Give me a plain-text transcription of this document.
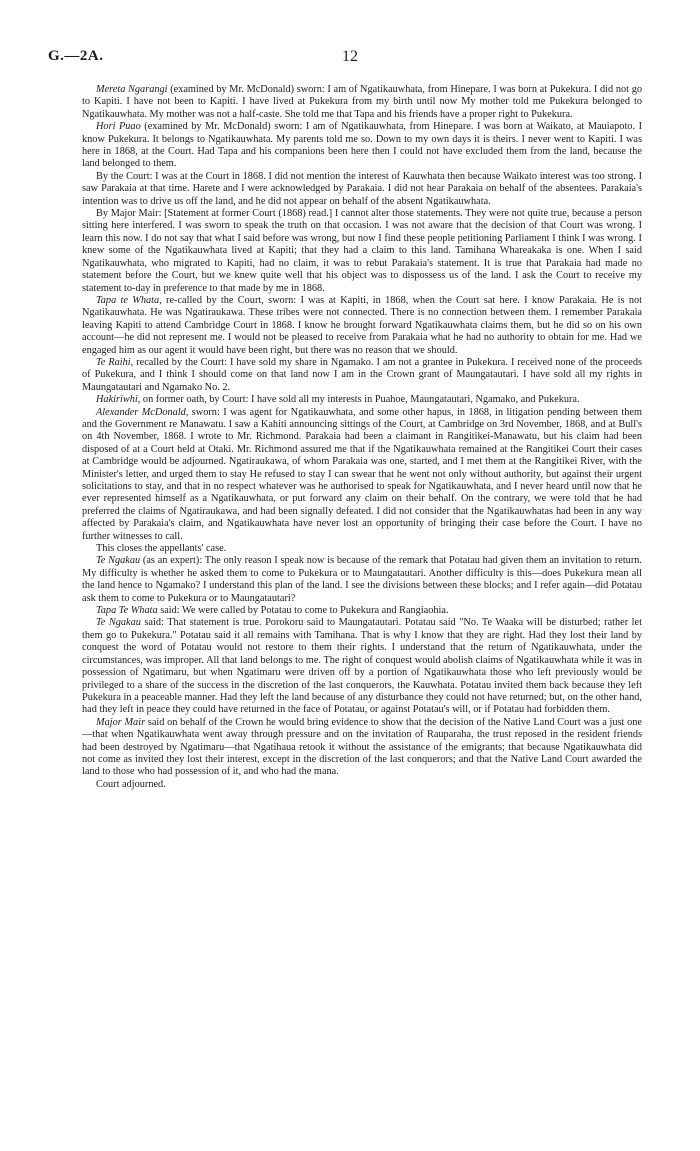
G.—2A.	12

Mereta Ngarangi (examined by Mr. McDonald) sworn: I am of Ngatikauwhata, from Hinepare. I was born at Pukekura. I did not go to Kapiti. I have not been to Kapiti. I have lived at Pukekura from my birth until now My mother told me Pukekura belonged to Ngatikauwhata. My mother was not a half-caste. She told me that Tapa and his friends have a proper right to Pukekura.

Hori Puao (examined by Mr. McDonald) sworn: I am of Ngatikauwhata, from Hinepare. I was born at Waikato, at Mauiapoto. I know Pukekura. It belongs to Ngatikauwhata. My parents told me so. Down to my own days it is theirs. I never went to Kapiti. I was here in 1868, at the Court. Had Tapa and his companions been here then I could not have excluded them from the land, because the land belonged to them.

By the Court: I was at the Court in 1868. I did not mention the interest of Kauwhata then because Waikato interest was too strong. I saw Parakaia at that time. Harete and I were acknowledged by Parakaia. I did not hear Parakaia on behalf of the absentees. Parakaia's intention was to drive us off the land, and he did not appear on behalf of the absent Ngatikauwhata.

By Major Mair: [Statement at former Court (1868) read.] I cannot alter those statements. They were not quite true, because a person sitting here interfered. I was sworn to speak the truth on that occasion. I was not aware that the decision of that Court was wrong. I learn this now. I do not say that what I said before was wrong, but now I find these people petitioning Parliament I think I was wrong. I knew some of the Ngatikauwhata lived at Kapiti; that they had a claim to this land. Tamihana Whareakaka is one. When I said Ngatikauwhata, who migrated to Kapiti, had no claim, it was to rebut Parakaia's statement. It is true that Parakaia had made no statement before the Court, but we knew quite well that his object was to dispossess us of the land. I ask the Court to receive my statement to-day in preference to that made by me in 1868.

Tapa te Whata, re-called by the Court, sworn: I was at Kapiti, in 1868, when the Court sat here. I know Parakaia. He is not Ngatikauwhata. He was Ngatiraukawa. These tribes were not connected. There is no connection between them. I remember Parakaia leaving Kapiti to attend Cambridge Court in 1868. I know he brought forward Ngatikauwhata claims them, but he did so on his own account—he did not represent me. I would not be pleased to receive from Parakaia what he had no authority to obtain for me. Had we engaged him as our agent it would have been right, but there was no reason that we should.

Te Raihi, recalled by the Court: I have sold my share in Ngamako. I am not a grantee in Pukekura. I received none of the proceeds of Pukekura, and I think I should come on that land now I am in the Crown grant of Maungatautari. I have sold all my rights in Maungatautari and Ngamako No. 2.

Hakiriwhi, on former oath, by Court: I have sold all my interests in Puahoe, Maungatautari, Ngamako, and Pukekura.

Alexander McDonald, sworn: I was agent for Ngatikauwhata, and some other hapus, in 1868, in litigation pending between them and the Government re Manawatu. I saw a Kahiti announcing sittings of the Court, at Cambridge on 3rd November, 1868, and at Bull's on 4th November, 1868. I wrote to Mr. Richmond. Parakaia had been a claimant in Rangitikei-Manawatu, but his claim had been disposed of at a Court held at Otaki. Mr. Richmond assured me that if the Ngatikauwhata remained at the Rangitikei Court their cases at Cambridge would be adjourned. Ngatiraukawa, of whom Parakaia was one, started, and I met them at the Rangitikei River, with the Minister's letter, and urged them to stay He refused to stay I can swear that he went not only without authority, but against their urgent solicitations to stay, and that in no respect whatever was he authorised to speak for Ngatikauwhata, and I never heard until now that he ever represented himself as a Ngatikauwhata, or put forward any claim on their behalf. On the contrary, we were told that he had preferred the claims of Ngatiraukawa, and had been signally defeated. I did not consider that the Ngatikauwhatas had been in any way affected by Parakaia's claim, and Ngatikauwhata have never lost an opportunity of bringing their case before the Court. I have no further witnesses to call.

This closes the appellants' case.

Te Ngakau (as an expert): The only reason I speak now is because of the remark that Potatau had given them an invitation to return. My difficulty is whether he asked them to come to Pukekura or to Maungatautari. Another difficulty is this—does Pukekura mean all the land hence to Ngamako? I understand this plan of the land. I see the divisions between these blocks; and I refer again—did Potatau ask them to come to Pukekura or to Maungatautari?

Tapa Te Whata said: We were called by Potatau to come to Pukekura and Rangiaohia.

Te Ngakau said: That statement is true. Porokoru said to Maungatautari. Potatau said "No. Te Waaka will be disturbed; rather let them go to Pukekura." Potatau said it all remains with Tamihana. That is why I know that they are right. Had they lost their land by conquest the word of Potatau would not restore to them their rights. I understand that the return of Ngatikauwhata, under the circumstances, was improper. All that land belongs to me. The right of conquest would abolish claims of Ngatikauwhata while it was in possession of Ngatimaru, but when Ngatimaru were driven off by a portion of Ngatikauwhata those who left previously would be privileged to a share of the success in the discretion of the last conquerors, the Kauwhata. Potatau invited them back because they left Pukekura in a peaceable manner. Had they left the land because of any disturbance they could not have returned; but, on the other hand, had they left in peace they could have returned in the face of Potatau, or against Potatau's will, or if Potatau had forbidden them.

Major Mair said on behalf of the Crown he would bring evidence to show that the decision of the Native Land Court was a just one—that when Ngatikauwhata went away through pressure and on the invitation of Rauparaha, the trust reposed in the resident friends had been destroyed by Ngatimaru—that Ngatihaua retook it without the assistance of the emigrants; that because Ngatikauwhata did not come as invited they lost their interest, except in the discretion of the last conquerors; and that the Native Land Court awarded the land to those who had possession of it, and who had the mana.

Court adjourned.
